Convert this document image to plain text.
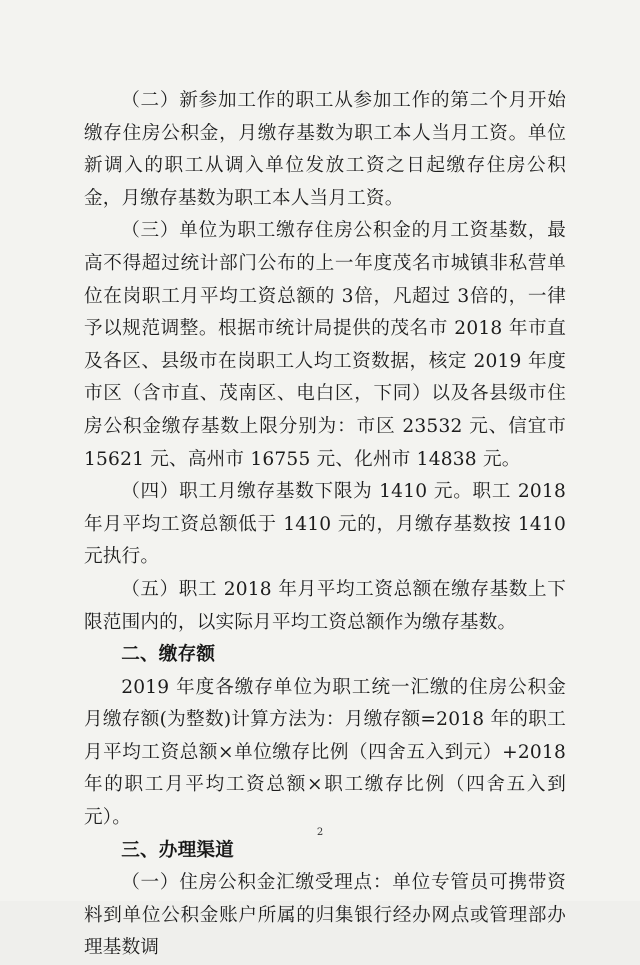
（二）新参加工作的职工从参加工作的第二个月开始缴存住房公积金，月缴存基数为职工本人当月工资。单位新调入的职工从调入单位发放工资之日起缴存住房公积金，月缴存基数为职工本人当月工资。

（三）单位为职工缴存住房公积金的月工资基数，最高不得超过统计部门公布的上一年度茂名市城镇非私营单位在岗职工月平均工资总额的 3倍，凡超过 3倍的，一律予以规范调整。根据市统计局提供的茂名市 2018 年市直及各区、县级市在岗职工人均工资数据，核定 2019 年度市区（含市直、茂南区、电白区，下同）以及各县级市住房公积金缴存基数上限分别为：市区 23532 元、信宜市 15621 元、高州市 16755 元、化州市 14838 元。

（四）职工月缴存基数下限为 1410 元。职工 2018 年月平均工资总额低于 1410 元的，月缴存基数按 1410 元执行。

（五）职工 2018 年月平均工资总额在缴存基数上下限范围内的，以实际月平均工资总额作为缴存基数。

二、缴存额

2019 年度各缴存单位为职工统一汇缴的住房公积金月缴存额(为整数)计算方法为：月缴存额=2018 年的职工月平均工资总额×单位缴存比例（四舍五入到元）+2018 年的职工月平均工资总额×职工缴存比例（四舍五入到元）。

三、办理渠道

（一）住房公积金汇缴受理点：单位专管员可携带资料到单位公积金账户所属的归集银行经办网点或管理部办理基数调

2
